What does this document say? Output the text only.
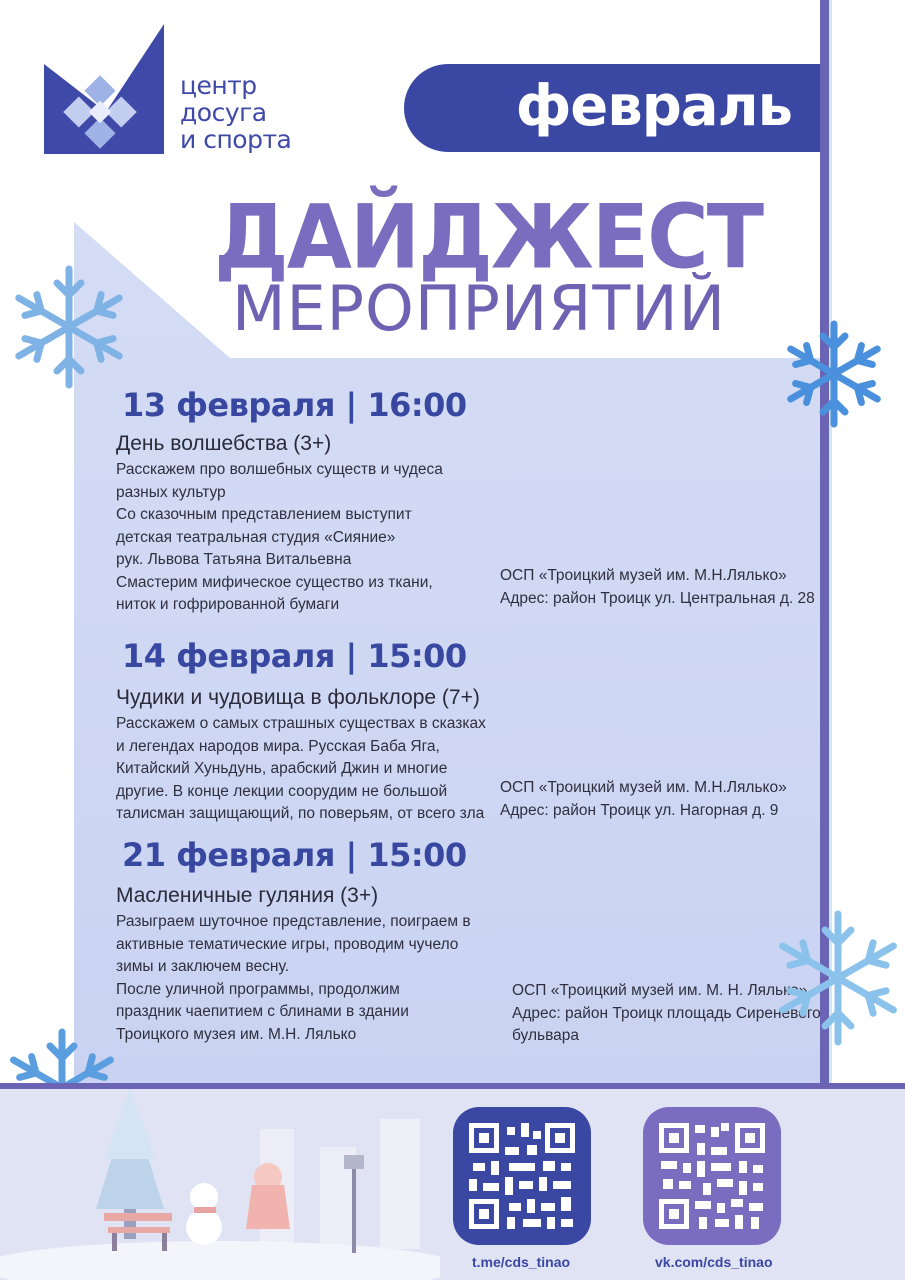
центр
досуга
и спорта
февраль
ДАЙДЖЕСТ
МЕРОПРИЯТИЙ
13 февраля | 16:00
День волшебства (3+)
Расскажем про волшебных существ и чудеса
разных культур
Со сказочным представлением выступит
детская театральная студия «Сияние»
рук. Львова Татьяна Витальевна
Смастерим мифическое существо из ткани,
ниток и гофрированной бумаги
ОСП «Троицкий музей им. М.Н.Лялько»
Адрес: район Троицк ул. Центральная д. 28
14 февраля | 15:00
Чудики и чудовища в фольклоре (7+)
Расскажем о самых страшных существах в сказках
и легендах народов мира. Русская Баба Яга,
Китайский Хуньдунь, арабский Джин и многие
другие. В конце лекции соорудим не большой
талисман защищающий, по поверьям, от всего зла
ОСП «Троицкий музей им. М.Н.Лялько»
Адрес: район Троицк ул. Нагорная д. 9
21 февраля | 15:00
Масленичные гуляния (3+)
Разыграем шуточное представление, поиграем в
активные тематические игры, проводим чучело
зимы и заключем весну.
После уличной программы, продолжим
праздник чаепитием с блинами в здании
Троицкого музея им. М.Н. Лялько
ОСП «Троицкий музей им. М. Н. Лялько»
Адрес: район Троицк площадь Сиреневого
бульвара
t.me/cds_tinao	vk.com/cds_tinao
